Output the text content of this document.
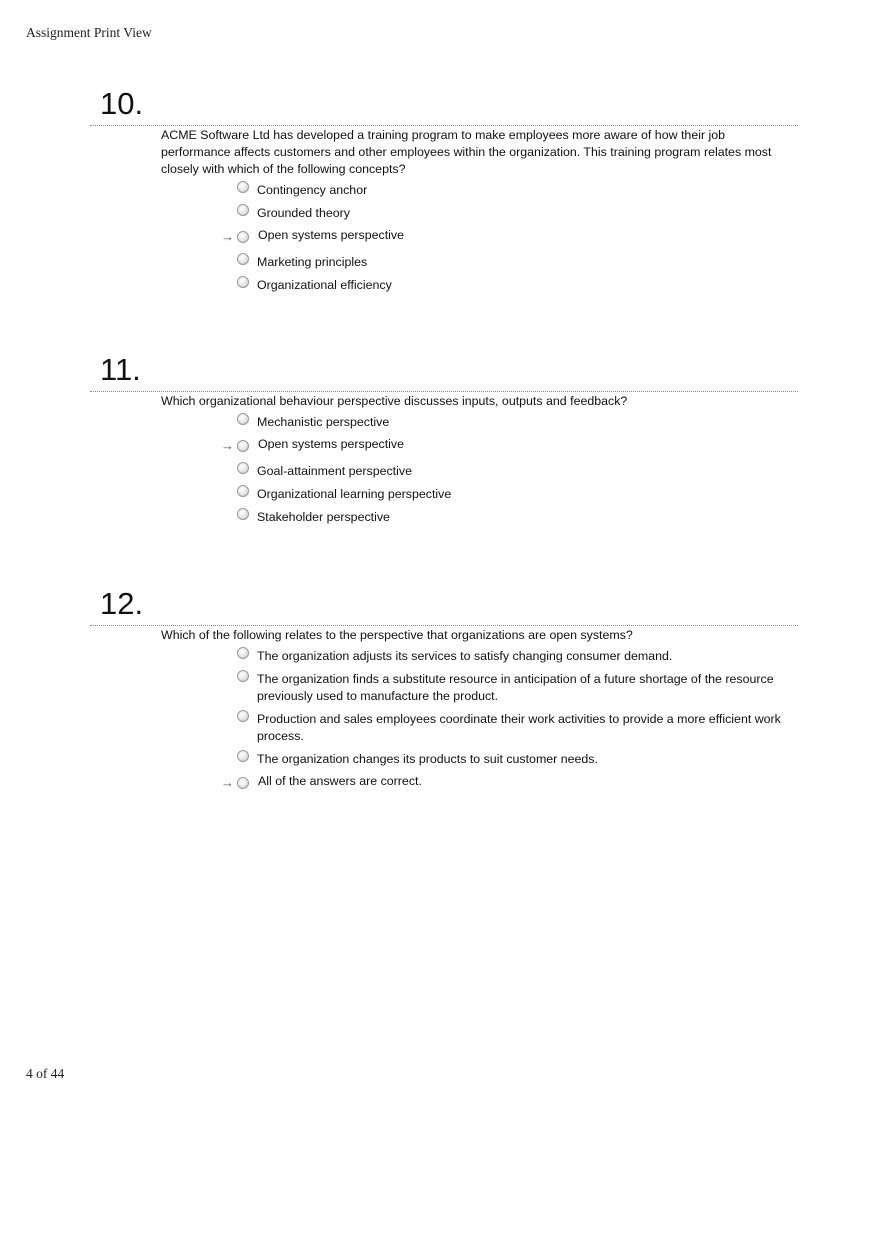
Assignment Print View
10.
ACME Software Ltd has developed a training program to make employees more aware of how their job performance affects customers and other employees within the organization. This training program relates most closely with which of the following concepts?
Contingency anchor
Grounded theory
→ Open systems perspective
Marketing principles
Organizational efficiency
11.
Which organizational behaviour perspective discusses inputs, outputs and feedback?
Mechanistic perspective
→ Open systems perspective
Goal-attainment perspective
Organizational learning perspective
Stakeholder perspective
12.
Which of the following relates to the perspective that organizations are open systems?
The organization adjusts its services to satisfy changing consumer demand.
The organization finds a substitute resource in anticipation of a future shortage of the resource previously used to manufacture the product.
Production and sales employees coordinate their work activities to provide a more efficient work process.
The organization changes its products to suit customer needs.
→ All of the answers are correct.
4 of 44
